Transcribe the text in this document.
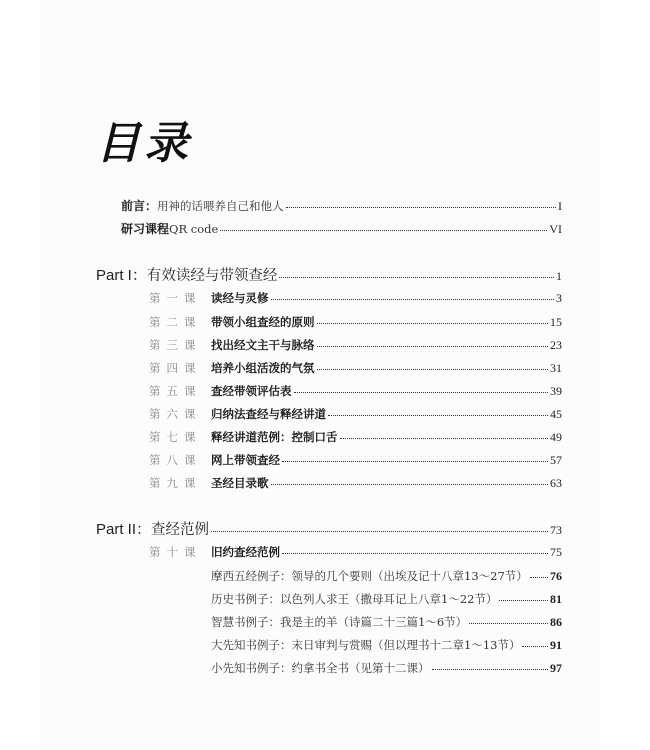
目录
前言： 用神的话喂养自己和他人	I
研习课程 QR code	VI
Part I： 有效读经与带领查经	1
第一课 读经与灵修	3
第二课 带领小组查经的原则	15
第三课 找出经文主干与脉络	23
第四课 培养小组活泼的气氛	31
第五课 查经带领评估表	39
第六课 归纳法查经与释经讲道	45
第七课 释经讲道范例：控制口舌	49
第八课 网上带领查经	57
第九课 圣经目录歌	63
Part II： 查经范例	73
第十课 旧约查经范例	75
摩西五经例子：领导的几个要则（出埃及记十八章13～27节） 76
历史书例子：以色列人求王（撒母耳记上八章1～22节）	81
智慧书例子：我是主的羊（诗篇二十三篇1～6节）	86
大先知书例子：末日审判与赏赐（但以理书十二章1～13节） 91
小先知书例子：约拿书全书（见第十二课）	97
